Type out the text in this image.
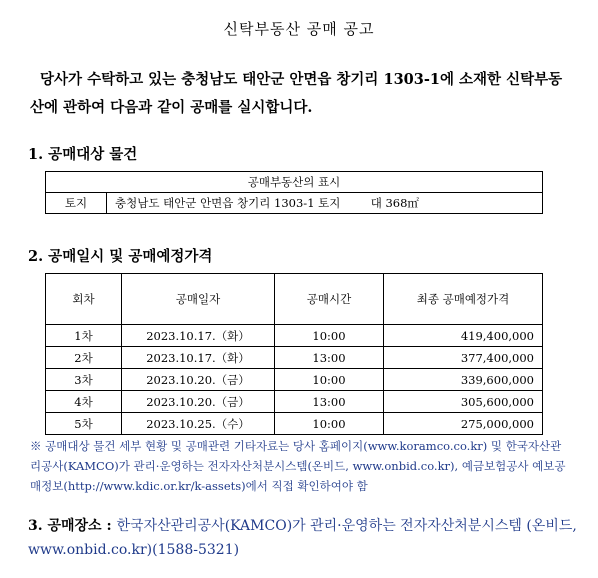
신탁부동산 공매 공고
당사가 수탁하고 있는 충청남도 태안군 안면읍 창기리 1303-1에 소재한 신탁부동산에 관하여 다음과 같이 공매를 실시합니다.
1. 공매대상 물건
공매부동산의 표시
토지	충청남도 태안군 안면읍 창기리 1303-1 토지 　　 대 368㎡
2. 공매일시 및 공매예정가격
회차	공매일자	공매시간	최종 공매예정가격
1차	2023.10.17.（화）	10:00	419,400,000
2차	2023.10.17.（화）	13:00	377,400,000
3차	2023.10.20.（금）	10:00	339,600,000
4차	2023.10.20.（금）	13:00	305,600,000
5차	2023.10.25.（수）	10:00	275,000,000
※ 공매대상 물건 세부 현황 및 공매관련 기타자료는 당사 홈페이지(www.koramco.co.kr) 및 한국자산관리공사(KAMCO)가 관리·운영하는 전자자산처분시스템(온비드, www.onbid.co.kr), 예금보험공사 예보공매정보(http://www.kdic.or.kr/k-assets)에서 직접 확인하여야 함
3. 공매장소 : 한국자산관리공사(KAMCO)가 관리·운영하는 전자자산처분시스템 (온비드, www.onbid.co.kr)(1588-5321)
